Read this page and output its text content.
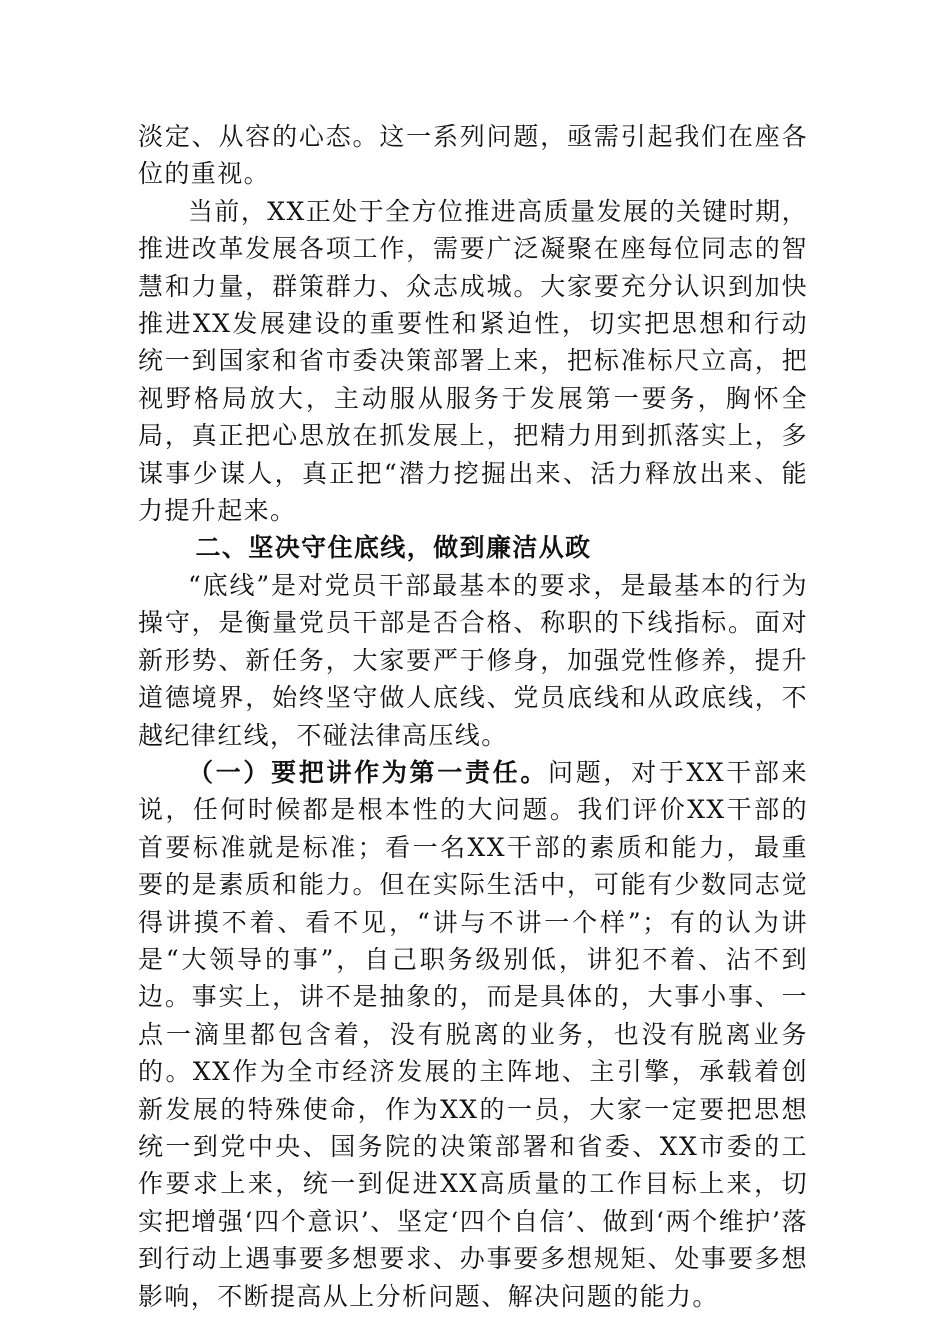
淡定、从容的心态。这一系列问题，亟需引起我们在座各位的重视。

当前，XX正处于全方位推进高质量发展的关键时期，推进改革发展各项工作，需要广泛凝聚在座每位同志的智慧和力量，群策群力、众志成城。大家要充分认识到加快推进XX发展建设的重要性和紧迫性，切实把思想和行动统一到国家和省市委决策部署上来，把标准标尺立高，把视野格局放大，主动服从服务于发展第一要务，胸怀全局，真正把心思放在抓发展上，把精力用到抓落实上，多谋事少谋人，真正把“潜力挖掘出来、活力释放出来、能力提升起来。

二、坚决守住底线，做到廉洁从政

“底线”是对党员干部最基本的要求，是最基本的行为操守，是衡量党员干部是否合格、称职的下线指标。面对新形势、新任务，大家要严于修身，加强党性修养，提升道德境界，始终坚守做人底线、党员底线和从政底线，不越纪律红线，不碰法律高压线。

（一）要把讲作为第一责任。问题，对于XX干部来说，任何时候都是根本性的大问题。我们评价XX干部的首要标准就是标准；看一名XX干部的素质和能力，最重要的是素质和能力。但在实际生活中，可能有少数同志觉得讲摸不着、看不见，“讲与不讲一个样”；有的认为讲是“大领导的事”，自己职务级别低，讲犯不着、沾不到边。事实上，讲不是抽象的，而是具体的，大事小事、一点一滴里都包含着，没有脱离的业务，也没有脱离业务的。XX作为全市经济发展的主阵地、主引擎，承载着创新发展的特殊使命，作为XX的一员，大家一定要把思想统一到党中央、国务院的决策部署和省委、XX市委的工作要求上来，统一到促进XX高质量的工作目标上来，切实把增强‘四个意识’、坚定‘四个自信’、做到‘两个维护’落到行动上遇事要多想要求、办事要多想规矩、处事要多想影响，不断提高从上分析问题、解决问题的能力。
